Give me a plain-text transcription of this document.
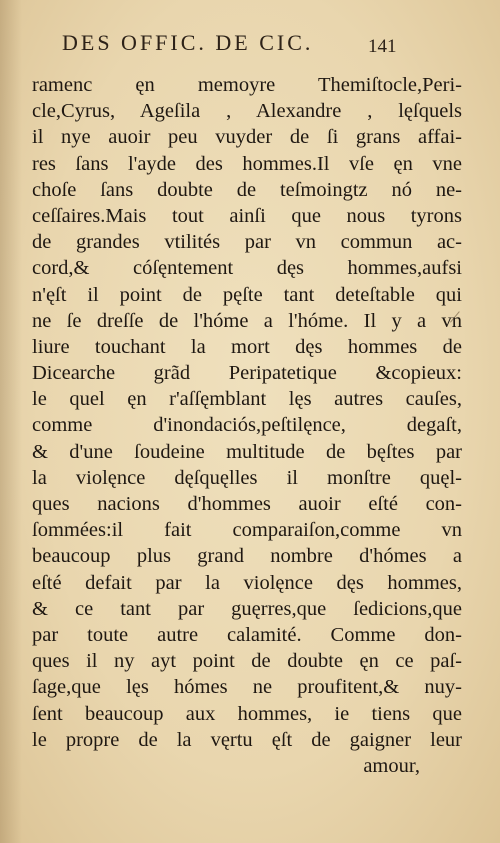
DES OFFIC. DE CIC.	141
ramenc ęn memoyre Themiſtocle,Peri-
cle,Cyrus, Ageſila , Alexandre , lęſquels
il nye auoir peu vuyder de ſi grans affai-
res ſans l'ayde des hommes.Il vſe ęn vne
choſe ſans doubte de teſmoingtz nó ne-
ceſſaires.Mais tout ainſi que nous tyrons
de grandes vtilités par vn commun ac-
cord,& cóſęntement dęs hommes,aufsi
n'ęſt il point de pęſte tant deteſtable qui
ne ſe dreſſe de l'hóme a l'hóme. Il y a vn
liure touchant la mort dęs hommes de
Dicearche grãd Peripatetique &copieux:
le quel ęn r'aſſęmblant lęs autres cauſes,
comme d'inondaciós,peſtilęnce, degaſt,
& d'une ſoudeine multitude de bęſtes par
la violęnce dęſquęlles il monſtre quęl-
ques nacions d'hommes auoir eſté con-
ſommées:il fait comparaiſon,comme vn
beaucoup plus grand nombre d'hómes a
eſté defait par la violęnce dęs hommes,
& ce tant par guęrres,que ſedicions,que
par toute autre calamité. Comme don-
ques il ny ayt point de doubte ęn ce paſ-
ſage,que lęs hómes ne proufitent,& nuy-
ſent beaucoup aux hommes, ie tiens que
le propre de la vęrtu ęſt de gaigner leur
amour,
